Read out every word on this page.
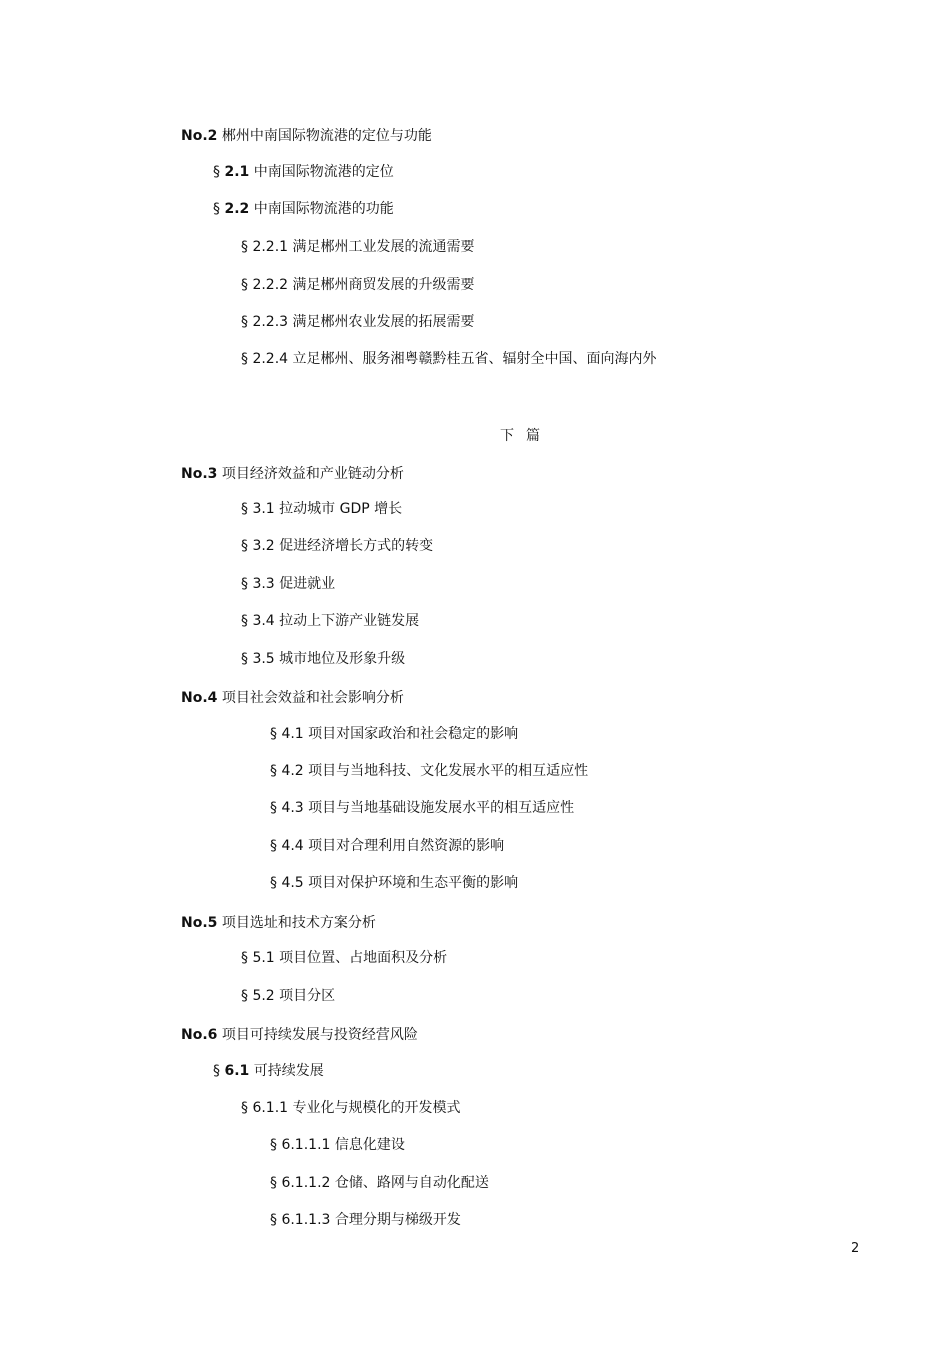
No.2 郴州中南国际物流港的定位与功能
§ 2.1 中南国际物流港的定位
§ 2.2 中南国际物流港的功能
§ 2.2.1 满足郴州工业发展的流通需要
§ 2.2.2 满足郴州商贸发展的升级需要
§ 2.2.3 满足郴州农业发展的拓展需要
§ 2.2.4 立足郴州、服务湘粤赣黔桂五省、辐射全中国、面向海内外
下篇
No.3 项目经济效益和产业链动分析
§ 3.1 拉动城市 GDP 增长
§ 3.2 促进经济增长方式的转变
§ 3.3 促进就业
§ 3.4 拉动上下游产业链发展
§ 3.5 城市地位及形象升级
No.4 项目社会效益和社会影响分析
§ 4.1 项目对国家政治和社会稳定的影响
§ 4.2 项目与当地科技、文化发展水平的相互适应性
§ 4.3 项目与当地基础设施发展水平的相互适应性
§ 4.4 项目对合理利用自然资源的影响
§ 4.5 项目对保护环境和生态平衡的影响
No.5 项目选址和技术方案分析
§ 5.1 项目位置、占地面积及分析
§ 5.2 项目分区
No.6 项目可持续发展与投资经营风险
§ 6.1 可持续发展
§ 6.1.1 专业化与规模化的开发模式
§ 6.1.1.1 信息化建设
§ 6.1.1.2 仓储、路网与自动化配送
§ 6.1.1.3 合理分期与梯级开发
2
